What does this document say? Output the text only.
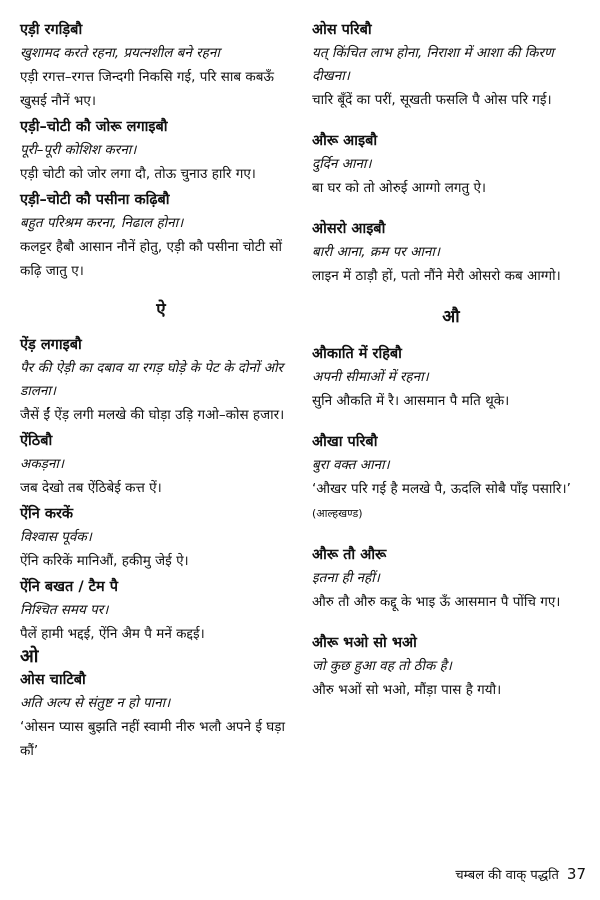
एड़ी रगड़िबौ

खुशामद करते रहना, प्रयत्नशील बने रहना

एड़ी रगत्त–रगत्त जिन्दगी निकसि गई, परि साब कबऊँ खुसई नौनें भए।

एड़ी–चोटी कौ जोरू लगाइबौ

पूरी–पूरी कोशिश करना।

एड़ी चोटी को जोर लगा दौ, तोऊ चुनाउ हारि गए।

एड़ी–चोटी कौ पसीना कढ़िबौ

बहुत परिश्रम करना, निढाल होना।

कलट्टर हैबौ आसान नौनें होतु, एड़ी कौ पसीना चोटी सों कढ़ि जातु ए।

ऐ

ऐंड़ लगाइबौ

पैर की ऐड़ी का दबाव या रगड़ घोड़े के पेट के दोनों ओर डालना।

जैसें ईं ऐंड़ लगी मलखे की घोड़ा उड़ि गओ–कोस हजार।

ऐंठिबौ

अकड़ना।

जब देखो तब ऐंठिबेई कत्त ऐं।

ऐंनि करकें

विश्वास पूर्वक।

ऐंनि करिकें मानिऔं, हकीमु जेई ऐ।

ऐंनि बखत / टैम पै

निश्चित समय पर।

पैलें हामी भद्दई, ऐंनि अैम पै मनें कद्दई।

ओ

ओस चाटिबौ

अति अल्प से संतुष्ट न हो पाना।

‘ओसन प्यास बुझति नहीं स्वामी नीरु भलौ अपने ई घड़ा कौं’

ओस परिबौ

यत् किंचित लाभ होना, निराशा में आशा की किरण दीखना।

चारि बूँदें का परीं, सूखती फसलि पै ओस परि गई।

औरू आइबौ

दुर्दिन आना।

बा घर को तो ओरुई आग्गो लगतु ऐ।

ओसरो आइबौ

बारी आना, क्रम पर आना।

लाइन में ठाड़ौ हों, पतो नौंने मेरौ ओसरो कब आग्गो।

औ

औकाति में रहिबौ

अपनी सीमाओं में रहना।

सुनि औकति में रै। आसमान पै मति थूके।

औखा परिबौ

बुरा वक्त आना।

‘औखर परि गई है मलखे पै, ऊदलि सोबै पाँइ पसारि।’ (आल्हखण्ड)

औरू तौ औरू

इतना ही नहीं।

औरु तौ औरु कद्दू के भाइ ऊँ आसमान पै पोंचि गए।

औरू भओ सो भओ

जो कुछ हुआ वह तो ठीक है।

औरु भओं सो भओ, मौंड़ा पास है गयौ।

चम्बल की वाक् पद्धति 37
